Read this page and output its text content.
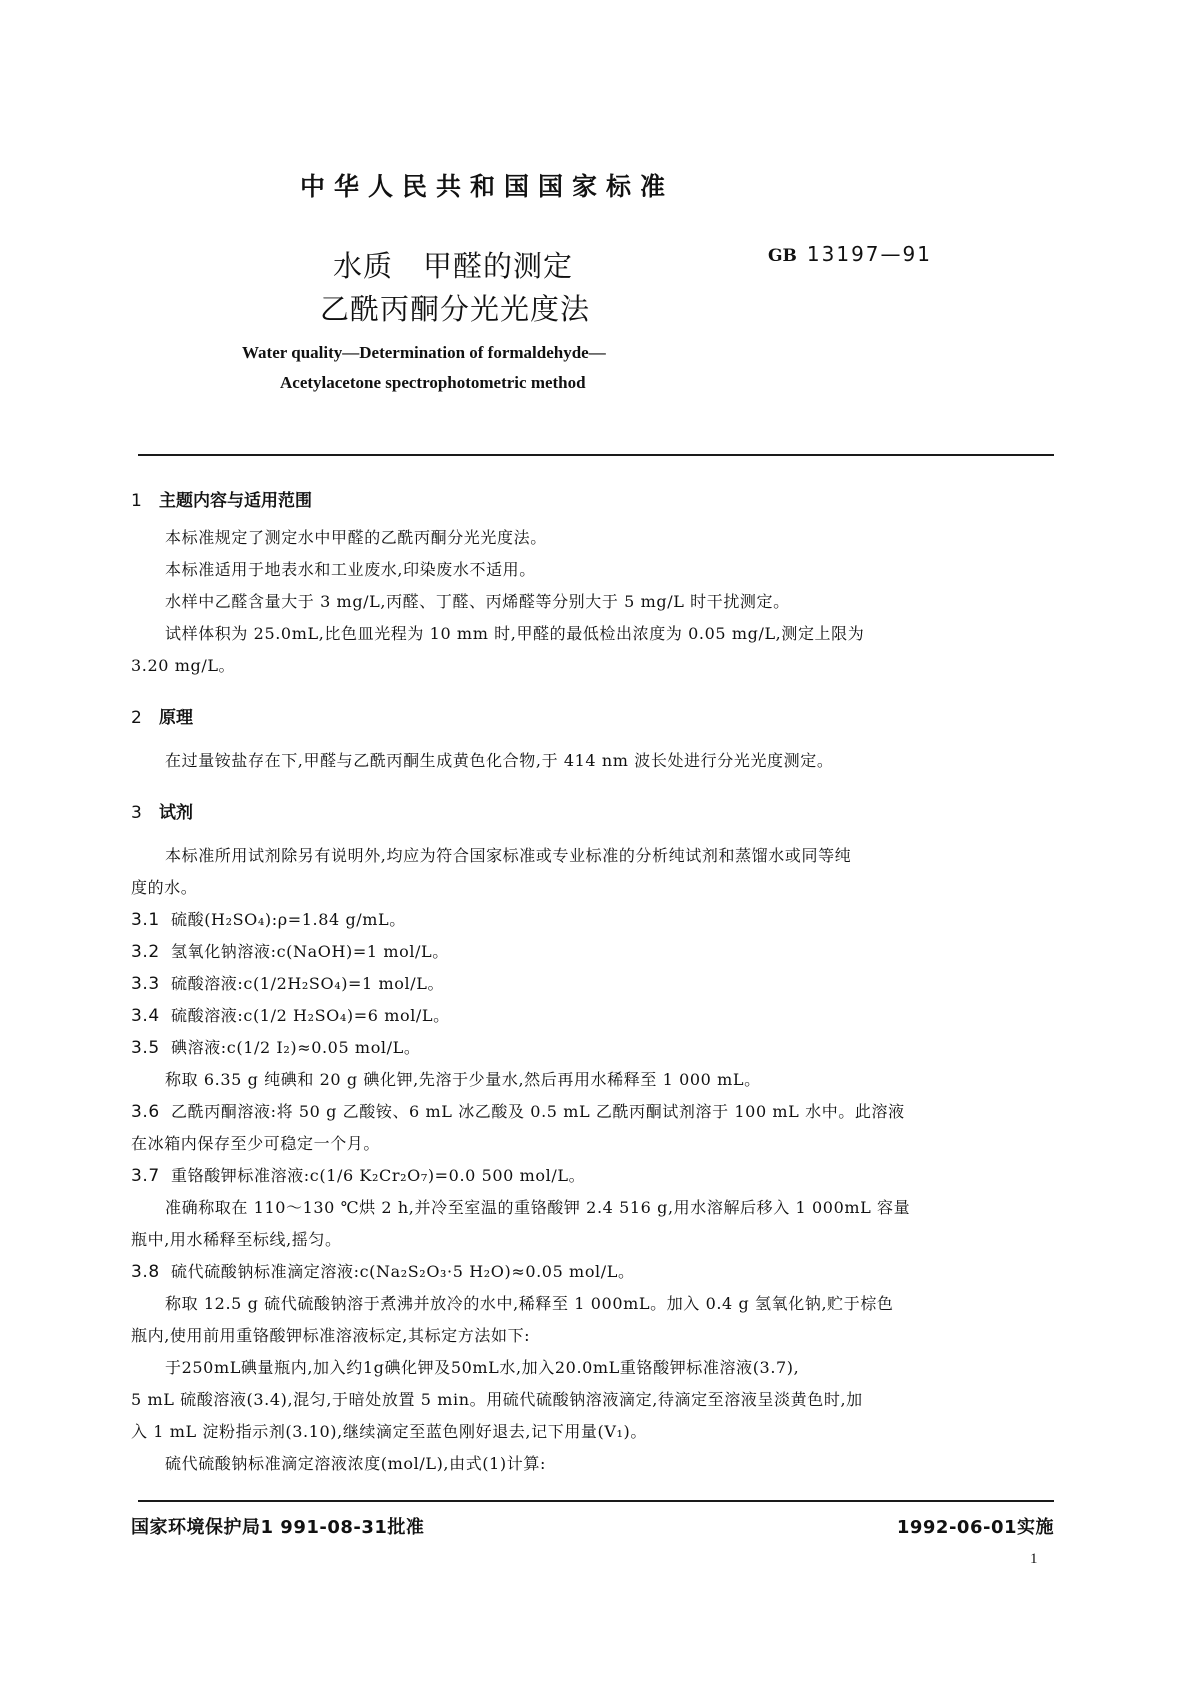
中华人民共和国国家标准
水质　甲醛的测定
乙酰丙酮分光光度法
GB 13197—91
Water quality—Determination of formaldehyde—
Acetylacetone spectrophotometric method
1 主题内容与适用范围
本标准规定了测定水中甲醛的乙酰丙酮分光光度法。
本标准适用于地表水和工业废水,印染废水不适用。
水样中乙醛含量大于 3 mg/L,丙醛、丁醛、丙烯醛等分别大于 5 mg/L 时干扰测定。
试样体积为 25.0mL,比色皿光程为 10 mm 时,甲醛的最低检出浓度为 0.05 mg/L,测定上限为
3.20 mg/L。
2 原理
在过量铵盐存在下,甲醛与乙酰丙酮生成黄色化合物,于 414 nm 波长处进行分光光度测定。
3 试剂
本标准所用试剂除另有说明外,均应为符合国家标准或专业标准的分析纯试剂和蒸馏水或同等纯
度的水。
3.1 硫酸(H₂SO₄):ρ=1.84 g/mL。
3.2 氢氧化钠溶液:c(NaOH)=1 mol/L。
3.3 硫酸溶液:c(1/2H₂SO₄)=1 mol/L。
3.4 硫酸溶液:c(1/2 H₂SO₄)=6 mol/L。
3.5 碘溶液:c(1/2 I₂)≈0.05 mol/L。
称取 6.35 g 纯碘和 20 g 碘化钾,先溶于少量水,然后再用水稀释至 1 000 mL。
3.6 乙酰丙酮溶液:将 50 g 乙酸铵、6 mL 冰乙酸及 0.5 mL 乙酰丙酮试剂溶于 100 mL 水中。此溶液
在冰箱内保存至少可稳定一个月。
3.7 重铬酸钾标准溶液:c(1/6 K₂Cr₂O₇)=0.0 500 mol/L。
准确称取在 110～130 ℃烘 2 h,并冷至室温的重铬酸钾 2.4 516 g,用水溶解后移入 1 000mL 容量
瓶中,用水稀释至标线,摇匀。
3.8 硫代硫酸钠标准滴定溶液:c(Na₂S₂O₃·5 H₂O)≈0.05 mol/L。
称取 12.5 g 硫代硫酸钠溶于煮沸并放冷的水中,稀释至 1 000mL。加入 0.4 g 氢氧化钠,贮于棕色
瓶内,使用前用重铬酸钾标准溶液标定,其标定方法如下:
于250mL碘量瓶内,加入约1g碘化钾及50mL水,加入20.0mL重铬酸钾标准溶液(3.7),
5 mL 硫酸溶液(3.4),混匀,于暗处放置 5 min。用硫代硫酸钠溶液滴定,待滴定至溶液呈淡黄色时,加
入 1 mL 淀粉指示剂(3.10),继续滴定至蓝色刚好退去,记下用量(V₁)。
硫代硫酸钠标准滴定溶液浓度(mol/L),由式(1)计算:
国家环境保护局1 991-08-31批准	1992-06-01实施
1
